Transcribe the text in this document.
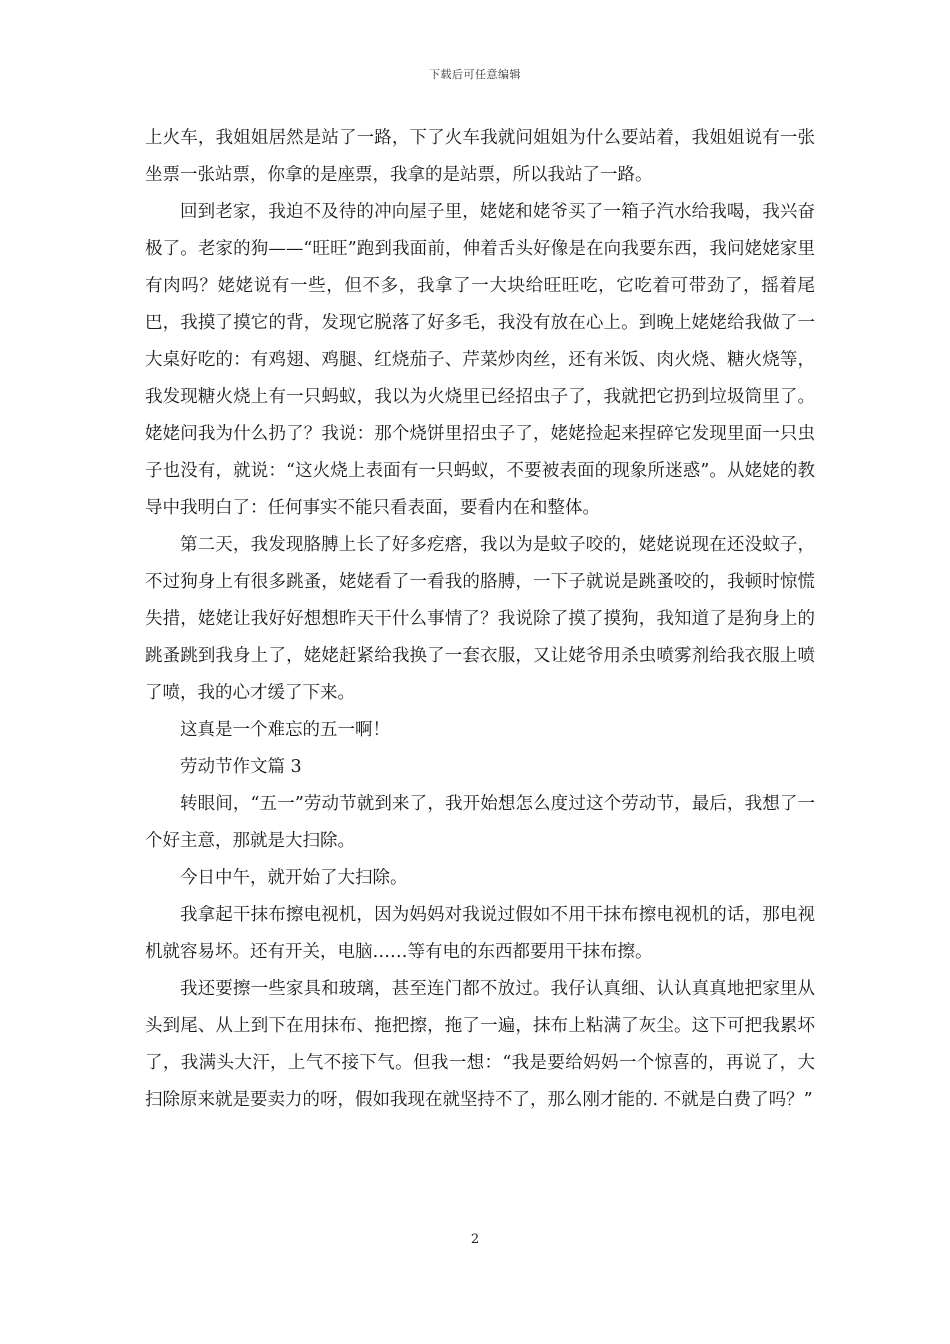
下载后可任意编辑

上火车，我姐姐居然是站了一路，下了火车我就问姐姐为什么要站着，我姐姐说有一张坐票一张站票，你拿的是座票，我拿的是站票，所以我站了一路。

回到老家，我迫不及待的冲向屋子里，姥姥和姥爷买了一箱子汽水给我喝，我兴奋极了。老家的狗——“旺旺”跑到我面前，伸着舌头好像是在向我要东西，我问姥姥家里有肉吗？姥姥说有一些，但不多，我拿了一大块给旺旺吃，它吃着可带劲了，摇着尾巴，我摸了摸它的背，发现它脱落了好多毛，我没有放在心上。到晚上姥姥给我做了一大桌好吃的：有鸡翅、鸡腿、红烧茄子、芹菜炒肉丝，还有米饭、肉火烧、糖火烧等，我发现糖火烧上有一只蚂蚁，我以为火烧里已经招虫子了，我就把它扔到垃圾筒里了。姥姥问我为什么扔了？我说：那个烧饼里招虫子了，姥姥捡起来捏碎它发现里面一只虫子也没有，就说：“这火烧上表面有一只蚂蚁，不要被表面的现象所迷惑”。从姥姥的教导中我明白了：任何事实不能只看表面，要看内在和整体。

第二天，我发现胳膊上长了好多疙瘩，我以为是蚊子咬的，姥姥说现在还没蚊子，不过狗身上有很多跳蚤，姥姥看了一看我的胳膊，一下子就说是跳蚤咬的，我顿时惊慌失措，姥姥让我好好想想昨天干什么事情了？我说除了摸了摸狗，我知道了是狗身上的跳蚤跳到我身上了，姥姥赶紧给我换了一套衣服，又让姥爷用杀虫喷雾剂给我衣服上喷了喷，我的心才缓了下来。

这真是一个难忘的五一啊！

劳动节作文篇 3

转眼间，“五一”劳动节就到来了，我开始想怎么度过这个劳动节，最后，我想了一个好主意，那就是大扫除。

今日中午，就开始了大扫除。

我拿起干抹布擦电视机，因为妈妈对我说过假如不用干抹布擦电视机的话，那电视机就容易坏。还有开关，电脑……等有电的东西都要用干抹布擦。

我还要擦一些家具和玻璃，甚至连门都不放过。我仔认真细、认认真真地把家里从头到尾、从上到下在用抹布、拖把擦，拖了一遍，抹布上粘满了灰尘。这下可把我累坏了，我满头大汗，上气不接下气。但我一想：“我是要给妈妈一个惊喜的，再说了，大扫除原来就是要卖力的呀，假如我现在就坚持不了，那么刚才能的. 不就是白费了吗？”

2
